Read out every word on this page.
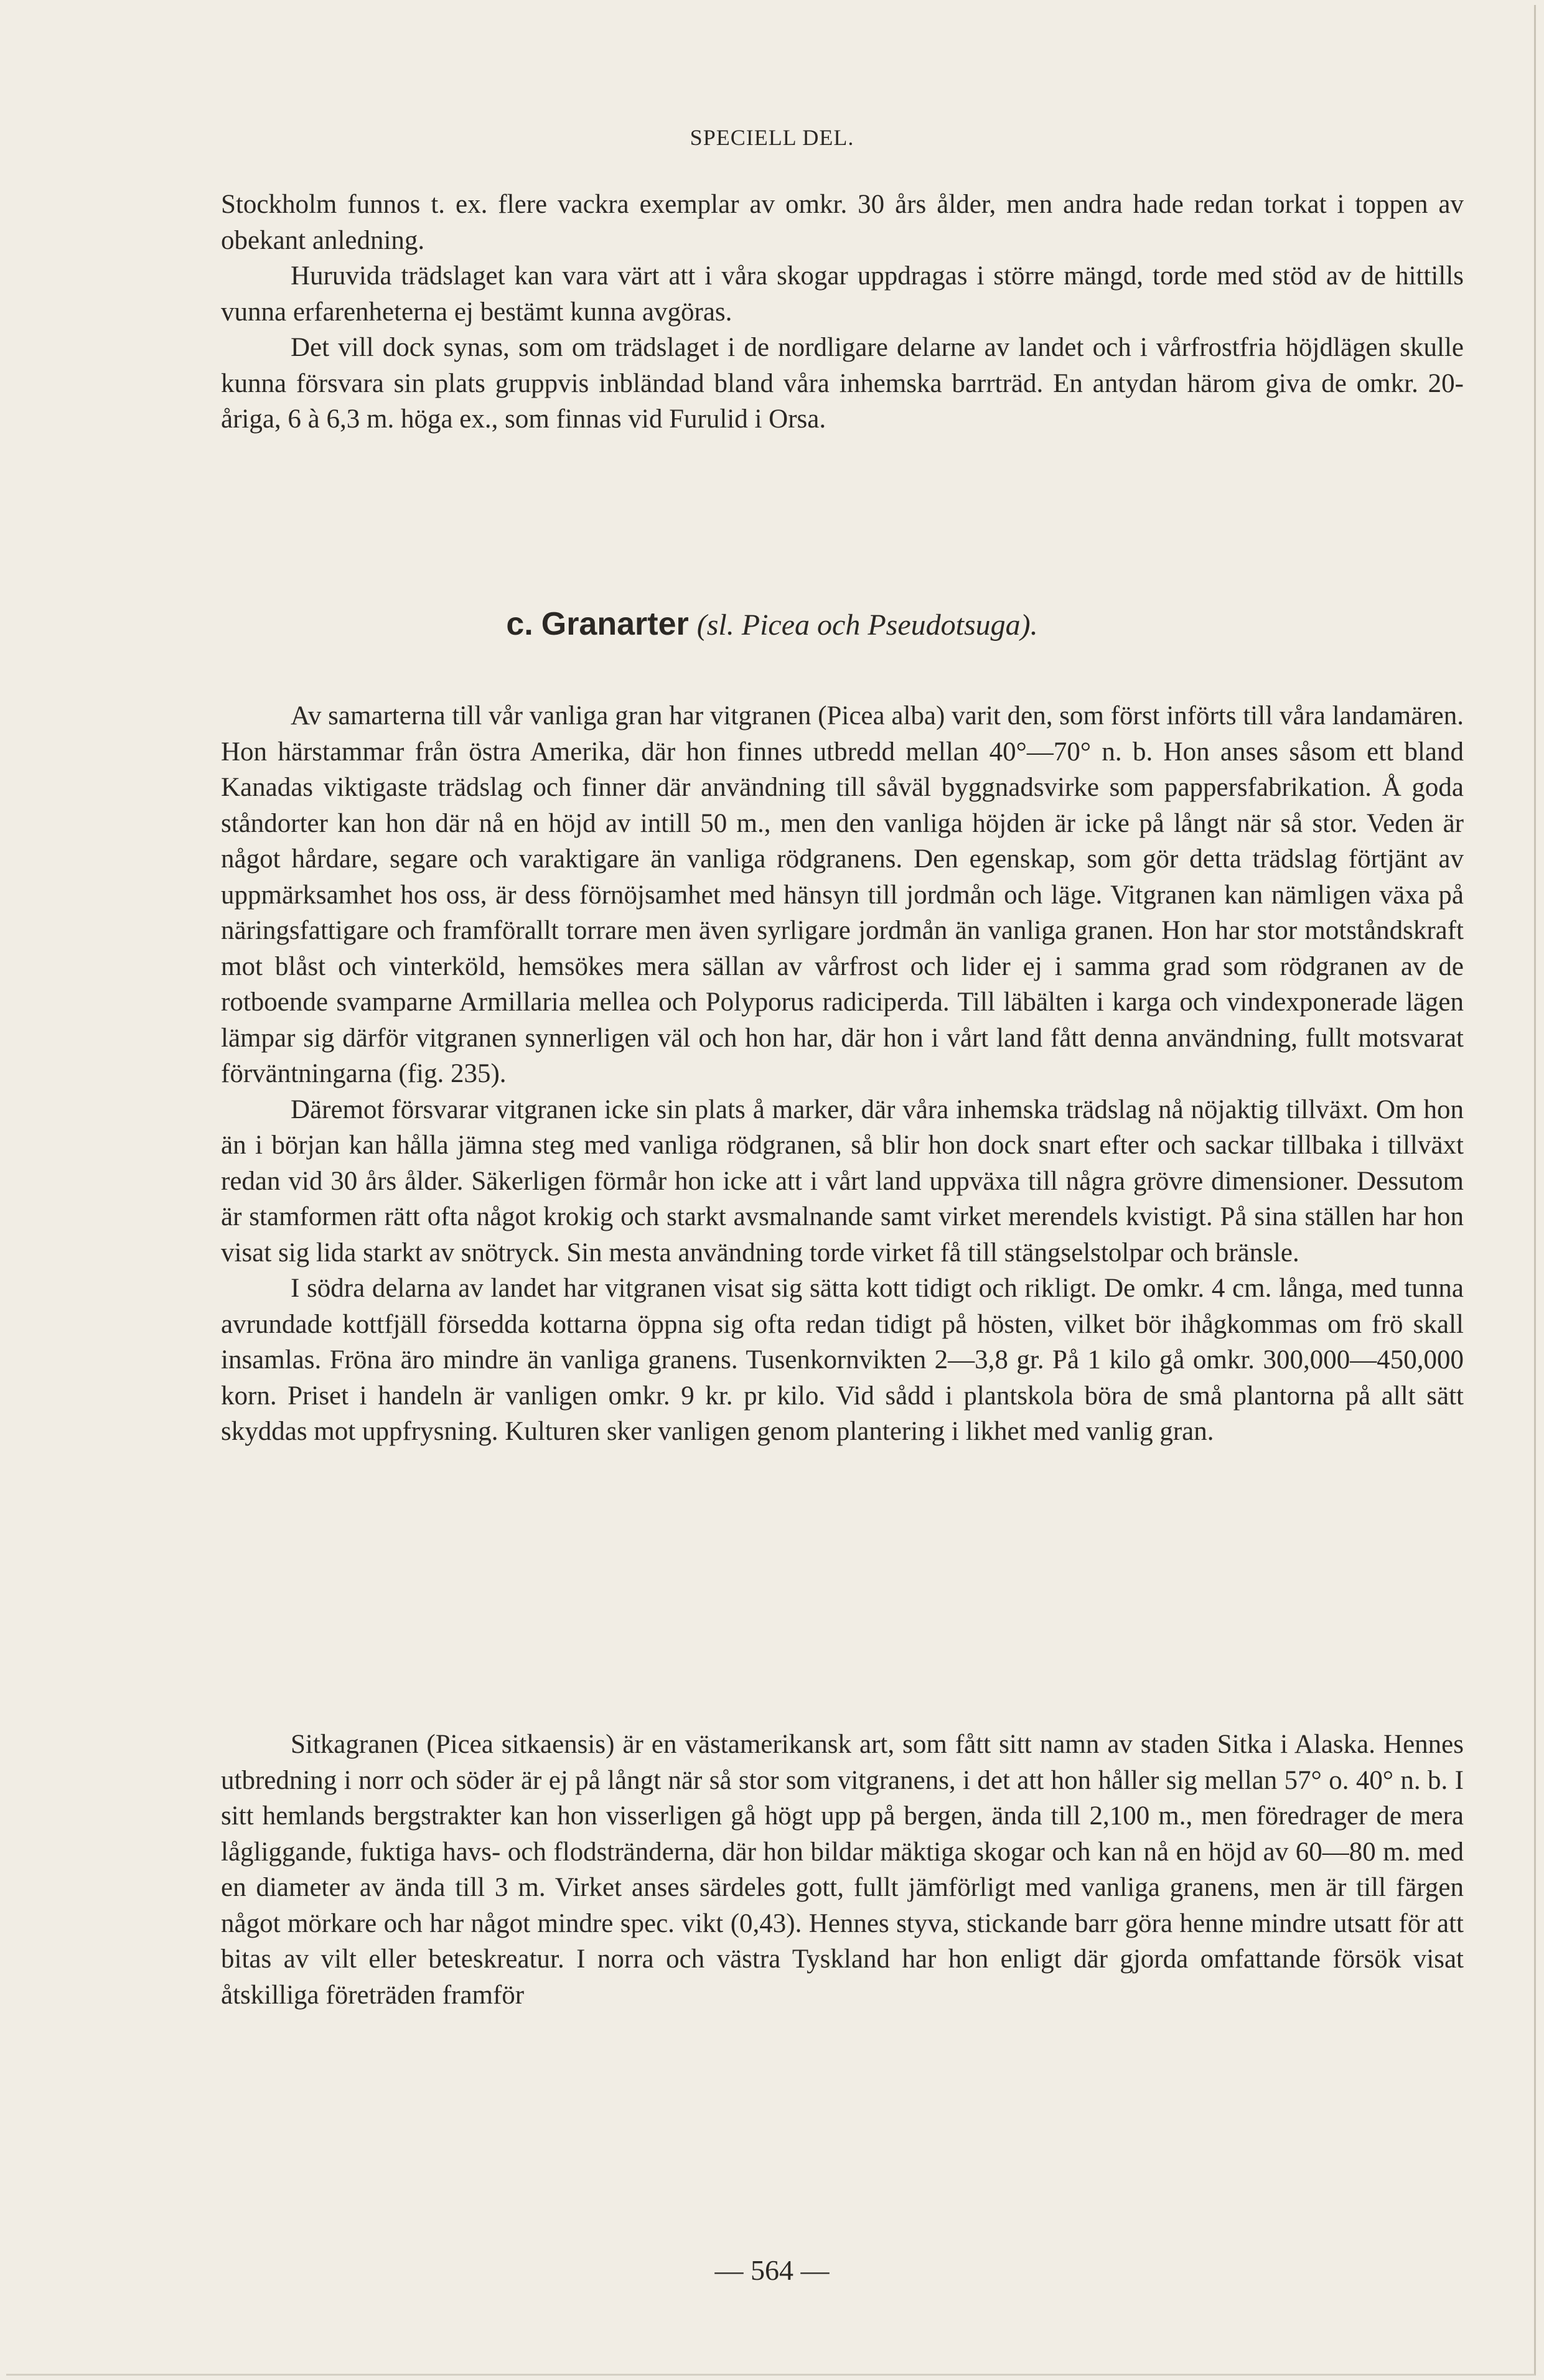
SPECIELL DEL.

Stockholm funnos t. ex. flere vackra exemplar av omkr. 30 års ålder, men andra hade redan torkat i toppen av obekant anledning.

Huruvida trädslaget kan vara värt att i våra skogar uppdragas i större mängd, torde med stöd av de hittills vunna erfarenheterna ej bestämt kunna avgöras.

Det vill dock synas, som om trädslaget i de nordligare delarne av landet och i vårfrostfria höjdlägen skulle kunna försvara sin plats gruppvis inbländad bland våra inhemska barrträd. En antydan härom giva de omkr. 20-åriga, 6 à 6,3 m. höga ex., som finnas vid Furulid i Orsa.

c. Granarter (sl. Picea och Pseudotsuga).

Av samarterna till vår vanliga gran har vitgranen (Picea alba) varit den, som först införts till våra landamären. Hon härstammar från östra Amerika, där hon finnes utbredd mellan 40°—70° n. b. Hon anses såsom ett bland Kanadas viktigaste trädslag och finner där användning till såväl byggnadsvirke som pappersfabrikation. Å goda ståndorter kan hon där nå en höjd av intill 50 m., men den vanliga höjden är icke på långt när så stor. Veden är något hårdare, segare och varaktigare än vanliga rödgranens. Den egenskap, som gör detta trädslag förtjänt av uppmärksamhet hos oss, är dess förnöjsamhet med hänsyn till jordmån och läge. Vitgranen kan nämligen växa på näringsfattigare och framförallt torrare men även syrligare jordmån än vanliga granen. Hon har stor motståndskraft mot blåst och vinterköld, hemsökes mera sällan av vårfrost och lider ej i samma grad som rödgranen av de rotboende svamparne Armillaria mellea och Polyporus radiciperda. Till läbälten i karga och vindexponerade lägen lämpar sig därför vitgranen synnerligen väl och hon har, där hon i vårt land fått denna användning, fullt motsvarat förväntningarna (fig. 235).

Däremot försvarar vitgranen icke sin plats å marker, där våra inhemska trädslag nå nöjaktig tillväxt. Om hon än i början kan hålla jämna steg med vanliga rödgranen, så blir hon dock snart efter och sackar tillbaka i tillväxt redan vid 30 års ålder. Säkerligen förmår hon icke att i vårt land uppväxa till några grövre dimensioner. Dessutom är stamformen rätt ofta något krokig och starkt avsmalnande samt virket merendels kvistigt. På sina ställen har hon visat sig lida starkt av snötryck. Sin mesta användning torde virket få till stängselstolpar och bränsle.

I södra delarna av landet har vitgranen visat sig sätta kott tidigt och rikligt. De omkr. 4 cm. långa, med tunna avrundade kottfjäll försedda kottarna öppna sig ofta redan tidigt på hösten, vilket bör ihågkommas om frö skall insamlas. Fröna äro mindre än vanliga granens. Tusenkornvikten 2—3,8 gr. På 1 kilo gå omkr. 300,000—450,000 korn. Priset i handeln är vanligen omkr. 9 kr. pr kilo. Vid sådd i plantskola böra de små plantorna på allt sätt skyddas mot uppfrysning. Kulturen sker vanligen genom plantering i likhet med vanlig gran.

Sitkagranen (Picea sitkaensis) är en västamerikansk art, som fått sitt namn av staden Sitka i Alaska. Hennes utbredning i norr och söder är ej på långt när så stor som vitgranens, i det att hon håller sig mellan 57° o. 40° n. b. I sitt hemlands bergstrakter kan hon visserligen gå högt upp på bergen, ända till 2,100 m., men föredrager de mera lågliggande, fuktiga havs- och flodstränderna, där hon bildar mäktiga skogar och kan nå en höjd av 60—80 m. med en diameter av ända till 3 m. Virket anses särdeles gott, fullt jämförligt med vanliga granens, men är till färgen något mörkare och har något mindre spec. vikt (0,43). Hennes styva, stickande barr göra henne mindre utsatt för att bitas av vilt eller beteskreatur. I norra och västra Tyskland har hon enligt där gjorda omfattande försök visat åtskilliga företräden framför

— 564 —
